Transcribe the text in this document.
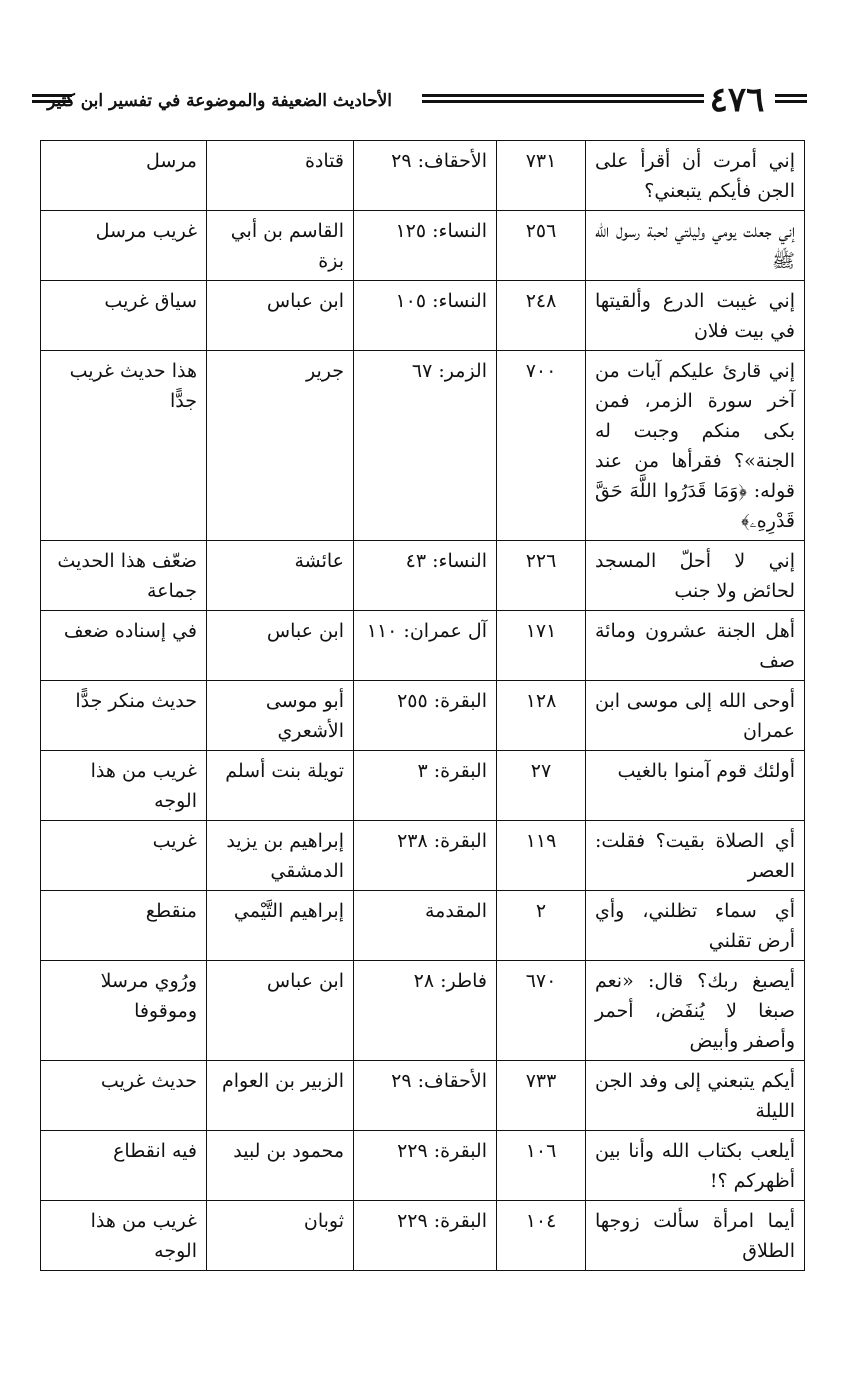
٤٧٦
الأحاديث الضعيفة والموضوعة في تفسير ابن كثير
إني أمرت أن أقرأ على الجن فأيكم يتبعني؟	٧٣١	الأحقاف: ٢٩	قتادة	مرسل
إني جعلت يومي وليلتي لحبة رسول الله ﷺ	٢٥٦	النساء: ١٢٥	القاسم بن أبي بزة	غريب مرسل
إني غيبت الدرع وألقيتها في بيت فلان	٢٤٨	النساء: ١٠٥	ابن عباس	سياق غريب
إني قارئ عليكم آيات من آخر سورة الزمر، فمن بكى منكم وجبت له الجنة»؟ فقرأها من عند قوله: ﴿وَمَا قَدَرُوا اللَّهَ حَقَّ قَدْرِهِۦ﴾	٧٠٠	الزمر: ٦٧	جرير	هذا حديث غريب جدًّا
إني لا أحلّ المسجد لحائض ولا جنب	٢٢٦	النساء: ٤٣	عائشة	ضعّف هذا الحديث جماعة
أهل الجنة عشرون ومائة صف	١٧١	آل عمران: ١١٠	ابن عباس	في إسناده ضعف
أوحى الله إلى موسى ابن عمران	١٢٨	البقرة: ٢٥٥	أبو موسى الأشعري	حديث منكر جدًّا
أولئك قوم آمنوا بالغيب	٢٧	البقرة: ٣	تويلة بنت أسلم	غريب من هذا الوجه
أي الصلاة بقيت؟ فقلت: العصر	١١٩	البقرة: ٢٣٨	إبراهيم بن يزيد الدمشقي	غريب
أي سماء تظلني، وأي أرض تقلني	٢	المقدمة	إبراهيم التَّيْمي	منقطع
أيصبغ ربك؟ قال: «نعم صبغا لا يُنفَض، أحمر وأصفر وأبيض	٦٧٠	فاطر: ٢٨	ابن عباس	ورُوي مرسلا وموقوفا
أيكم يتبعني إلى وفد الجن الليلة	٧٣٣	الأحقاف: ٢٩	الزبير بن العوام	حديث غريب
أيلعب بكتاب الله وأنا بين أظهركم ؟!	١٠٦	البقرة: ٢٢٩	محمود بن لبيد	فيه انقطاع
أيما امرأة سألت زوجها الطلاق	١٠٤	البقرة: ٢٢٩	ثوبان	غريب من هذا الوجه
